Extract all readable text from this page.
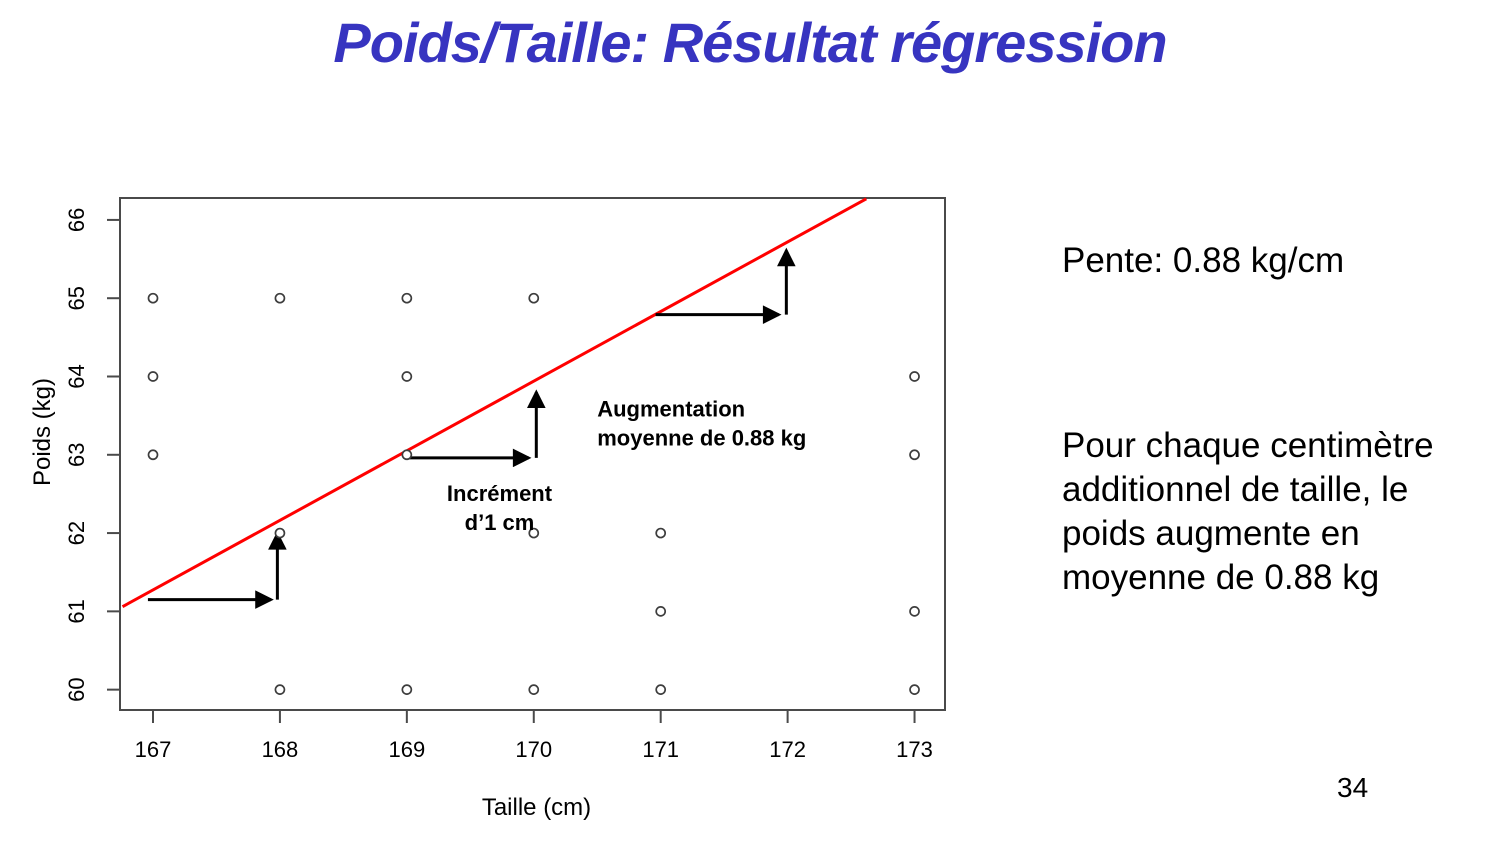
Poids/Taille: Résultat régression
167	168	169	170	171	172	173
60
61
62
63
64
65
66
Taille (cm)
Poids (kg)
Incrément
d’1 cm
Augmentation
moyenne de 0.88 kg
Pente: 0.88 kg/cm
Pour chaque centimètre additionnel de taille, le poids augmente en moyenne de 0.88 kg
34
